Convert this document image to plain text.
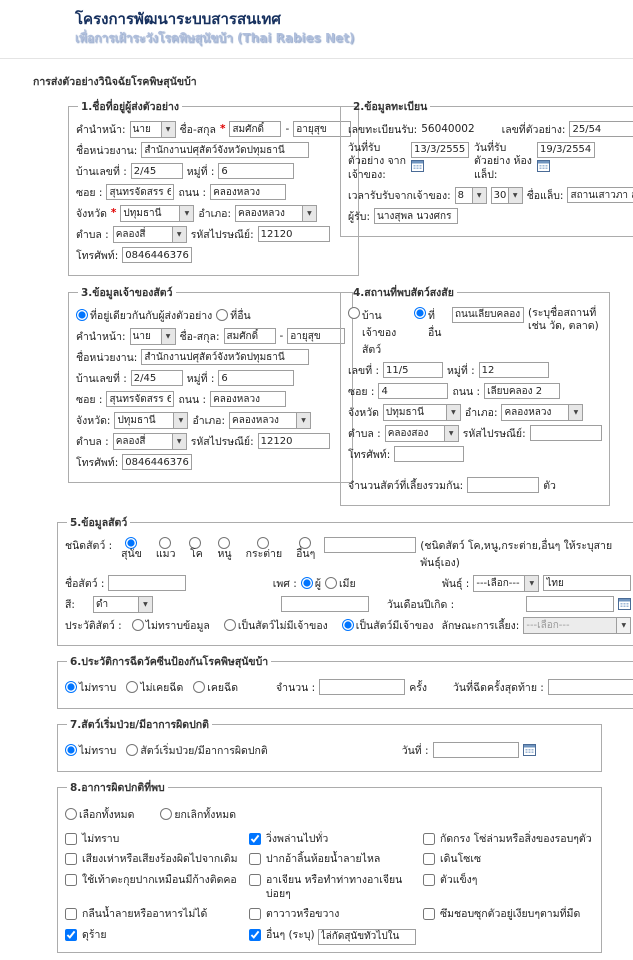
โครงการพัฒนาระบบสารสนเทศ
เพื่อการเฝ้าระวังโรคพิษสุนัขบ้า (Thai Rabies Net)
การส่งตัวอย่างวินิจฉัยโรคพิษสุนัขบ้า
1.ชื่อที่อยู่ผู้ส่งตัวอย่าง
คำนำหน้า: นาย ▼	ชื่อ-สกุล *
สมศักดิ์	-
อายุสุข
ชื่อหน่วยงาน:
สำนักงานปศุสัตว์จังหวัดปทุมธานี
บ้านเลขที่ :
2/45	หมู่ที่ :
6
ซอย :
สุนทรจัดสรร 6	ถนน :
คลองหลวง
จังหวัด * ปทุมธานี ▼	อำเภอ: คลองหลวง
▼
ตำบล : คลองสี่ ▼	รหัสไปรษณีย์:
12120
โทรศัพท์:
0846446376
2.ข้อมูลทะเบียน
เลขทะเบียนรับ: 56040002	เลขที่ตัวอย่าง:
25/54
วันที่รับตัวอย่าง จากเจ้าของ:
13/3/2555
วันที่รับตัวอย่าง ห้องแล็ป:
19/3/2554
เวลารับรับจากเจ้าของ: 8 ▼	30 ▼ ชื่อแล็บ:
สถานเสาวภา สภาก
ผู้รับ:
นางสุพล นวงศกร
3.ข้อมูลเจ้าของสัตว์
ที่อยู่เดียวกันกับผู้ส่งตัวอย่าง ที่อื่น
คำนำหน้า: นาย ▼	ชื่อ-สกุล:
สมศักดิ์	-
อายุสุข
ชื่อหน่วยงาน:
สำนักงานปศุสัตว์จังหวัดปทุมธานี
บ้านเลขที่ :
2/45	หมู่ที่ :
6
ซอย :
สุนทรจัดสรร 6	ถนน :
คลองหลวง
จังหวัด: ปทุมธานี ▼	อำเภอ: คลองหลวง
▼
ตำบล : คลองสี่ ▼	รหัสไปรษณีย์:
12120
โทรศัพท์:
0846446376
4.สถานที่พบสัตว์สงสัย
บ้านเจ้าของสัตว์
ที่อื่น
ถนนเลียบคลอง
(ระบุชื่อสถานที่ เช่น วัด, ตลาด)
เลขที่ :
11/5	หมู่ที่ :
12
ซอย :
4	ถนน :
เลียบคลอง 2
จังหวัด ปทุมธานี ▼	อำเภอ: คลองหลวง
▼
ตำบล : คลองสอง ▼	รหัสไปรษณีย์:
โทรศัพท์:
จำนวนสัตว์ที่เลี้ยงรวมกัน:	ตัว
5.ข้อมูลสัตว์
ชนิดสัตว์ :
สุนัข แมว โค หนู กระต่าย อื่นๆ
(ชนิดสัตว์ โค,หนู,กระต่าย,อื่นๆ ให้ระบุสายพันธุ์เอง)
ชื่อสัตว์ :	เพศ : ผู้ เมีย	พันธุ์ : ---เลือก---
▼
ไทย
สี: ดำ ▼	วันเดือนปีเกิด :
ประวัติสัตว์ : ไม่ทราบข้อมูล	เป็นสัตว์ไม่มีเจ้าของ	เป็นสัตว์มีเจ้าของ ลักษณะการเลี้ยง: ---เลือก---
▼
6.ประวัติการฉีดวัคซีนป้องกันโรคพิษสุนัขบ้า
ไม่ทราบ ไม่เคยฉีด เคยฉีด	จำนวน :	ครั้ง วันที่ฉีดครั้งสุดท้าย :
7.สัตว์เริ่มป่วย/มีอาการผิดปกติ
ไม่ทราบ สัตว์เริ่มป่วย/มีอาการผิดปกติ	วันที่ :
8.อาการผิดปกติที่พบ
เลือกทั้งหมด	ยกเลิกทั้งหมด
ไม่ทราบ	วิ่งพล่านไปทั่ว	กัดกรง โซ่ล่ามหรือสิ่งของรอบๆตัว
เสียงเห่าหรือเสียงร้องผิดไปจากเดิม	ปากอ้าลิ้นห้อยน้ำลายไหล	เดินโซเซ
ใช้เท้าตะกุยปากเหมือนมีก้างติดคอ	อาเจียน หรือทำท่าทางอาเจียนบ่อยๆ
ตัวแข็งๆ
กลืนน้ำลายหรืออาหารไม่ได้	ตาวาวหรือขวาง	ซึมชอบซุกตัวอยู่เงียบๆตามที่มืด
ดุร้าย	อื่นๆ (ระบุ)
ไล่กัดสุนัขทั่วไปใน
